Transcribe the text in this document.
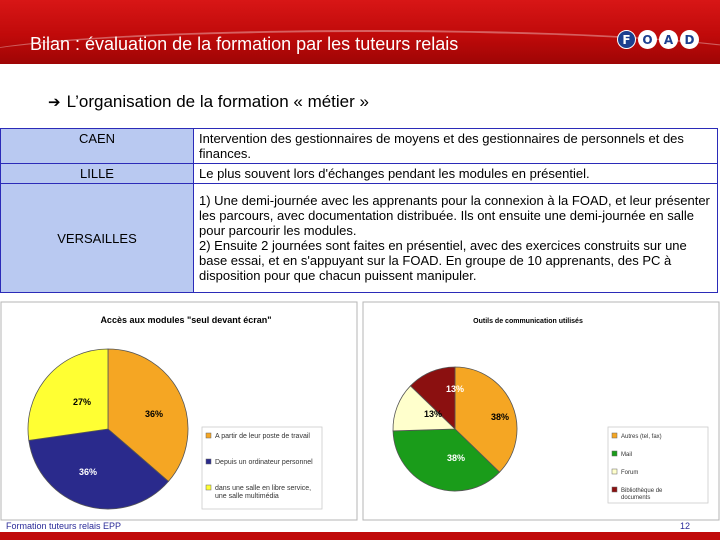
Bilan : évaluation de la formation par les tuteurs relais	F O A D
➔ L’organisation de la formation « métier »
CAEN	Intervention des gestionnaires de moyens et des gestionnaires de personnels et des finances.
LILLE	Le plus souvent lors d'échanges pendant les modules en présentiel.
VERSAILLES	1) Une demi-journée avec les apprenants pour la connexion à la FOAD, et leur présenter les parcours, avec documentation distribuée. Ils ont ensuite une demi-journée en salle pour parcourir les modules.
2) Ensuite 2 journées sont faites en présentiel, avec des exercices construits sur une base essai, et en s'appuyant sur la FOAD. En groupe de 10 apprenants, des PC à disposition pour que chacun puissent manipuler.
Accès aux modules "seul devant écran"
36%
36%
27%
A partir de leur poste de travail
Depuis un ordinateur personnel
dans une salle en libre service, une salle multimédia
Outils de communication utilisés
38%
38%
13%
13%
Autres (tel, fax)
Mail
Forum
Bibliothèque de documents
Formation tuteurs relais EPP	12
